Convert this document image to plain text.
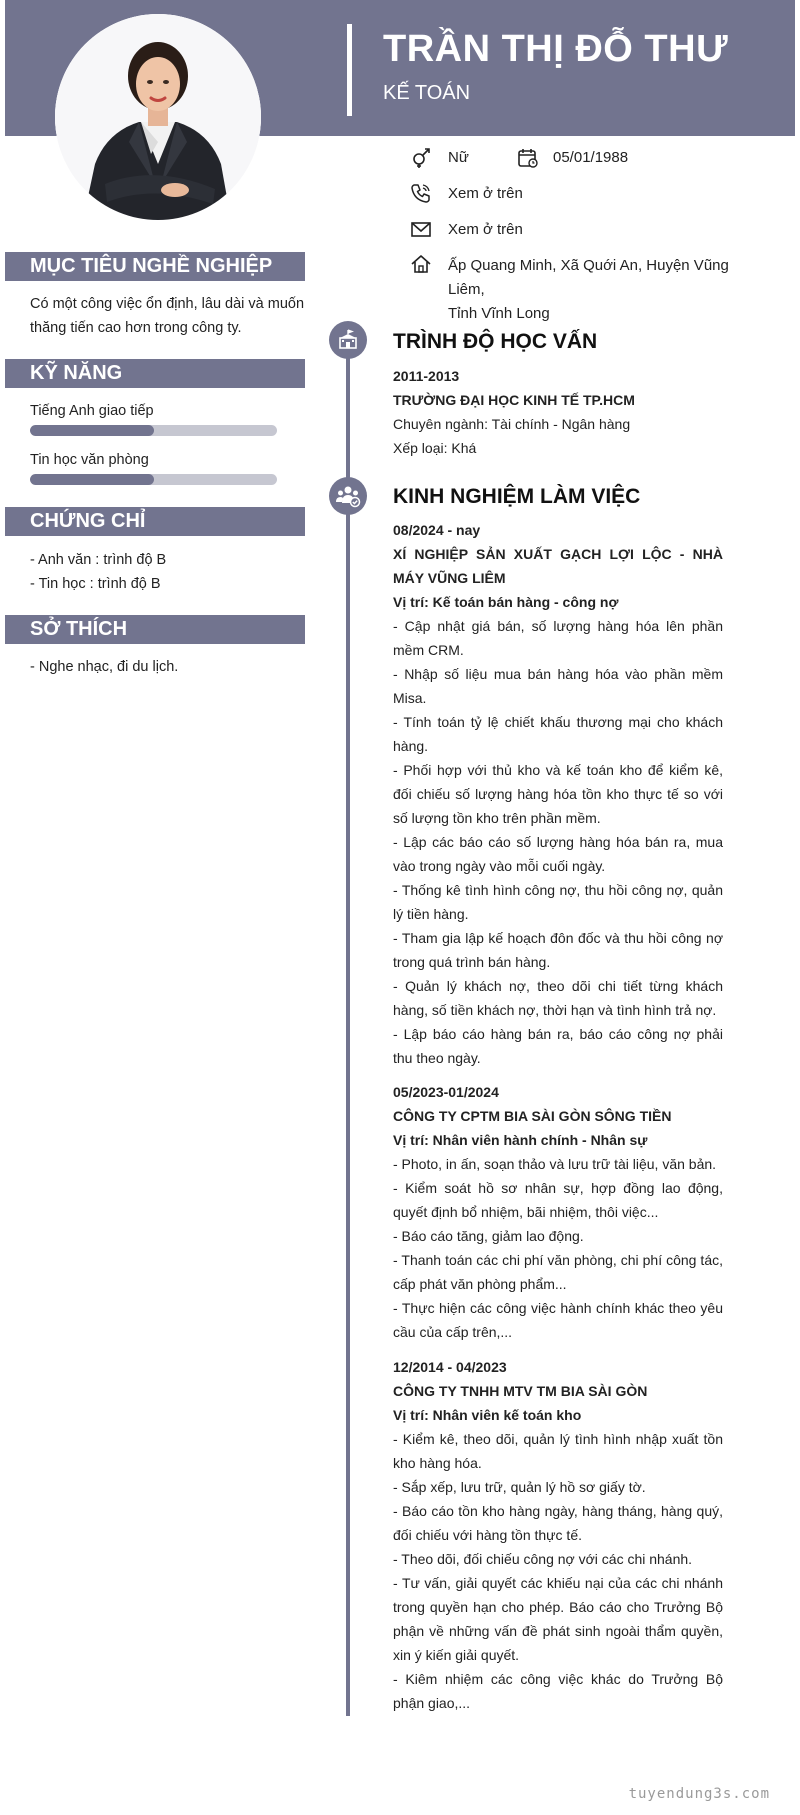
TRẦN THỊ ĐỖ THƯ
KẾ TOÁN
Nữ	05/01/1988
Xem ở trên
Xem ở trên
Ấp Quang Minh, Xã Quới An, Huyện Vũng Liêm,
Tỉnh Vĩnh Long
MỤC TIÊU NGHỀ NGHIỆP
Có một công việc ổn định, lâu dài và muốn thăng tiến cao hơn trong công ty.
KỸ NĂNG
Tiếng Anh giao tiếp
Tin học văn phòng
CHỨNG CHỈ
- Anh văn : trình độ B
- Tin học : trình độ B
SỞ THÍCH
- Nghe nhạc, đi du lịch.
TRÌNH ĐỘ HỌC VẤN
2011-2013
TRƯỜNG ĐẠI HỌC KINH TẾ TP.HCM
Chuyên ngành: Tài chính - Ngân hàng
Xếp loại: Khá
KINH NGHIỆM LÀM VIỆC
08/2024 - nay
XÍ NGHIỆP SẢN XUẤT GẠCH LỢI LỘC - NHÀ MÁY VŨNG LIÊM
Vị trí: Kế toán bán hàng - công nợ
- Cập nhật giá bán, số lượng hàng hóa lên phần mềm CRM.
- Nhập số liệu mua bán hàng hóa vào phần mềm Misa.
- Tính toán tỷ lệ chiết khấu thương mại cho khách hàng.
- Phối hợp với thủ kho và kế toán kho để kiểm kê, đối chiếu số lượng hàng hóa tồn kho thực tế so với số lượng tồn kho trên phần mềm.
- Lập các báo cáo số lượng hàng hóa bán ra, mua vào trong ngày vào mỗi cuối ngày.
- Thống kê tình hình công nợ, thu hồi công nợ, quản lý tiền hàng.
- Tham gia lập kế hoạch đôn đốc và thu hồi công nợ trong quá trình bán hàng.
- Quản lý khách nợ, theo dõi chi tiết từng khách hàng, số tiền khách nợ, thời hạn và tình hình trả nợ.
- Lập báo cáo hàng bán ra, báo cáo công nợ phải thu theo ngày.
05/2023-01/2024
CÔNG TY CPTM BIA SÀI GÒN SÔNG TIỀN
Vị trí: Nhân viên hành chính - Nhân sự
- Photo, in ấn, soạn thảo và lưu trữ tài liệu, văn bản.
- Kiểm soát hồ sơ nhân sự, hợp đồng lao động, quyết định bổ nhiệm, bãi nhiệm, thôi việc...
- Báo cáo tăng, giảm lao động.
- Thanh toán các chi phí văn phòng, chi phí công tác, cấp phát văn phòng phẩm...
- Thực hiện các công việc hành chính khác theo yêu cầu của cấp trên,...
12/2014 - 04/2023
CÔNG TY TNHH MTV TM BIA SÀI GÒN
Vị trí: Nhân viên kế toán kho
- Kiểm kê, theo dõi, quản lý tình hình nhập xuất tồn kho hàng hóa.
- Sắp xếp, lưu trữ, quản lý hồ sơ giấy tờ.
- Báo cáo tồn kho hàng ngày, hàng tháng, hàng quý, đối chiếu với hàng tồn thực tế.
- Theo dõi, đối chiếu công nợ với các chi nhánh.
- Tư vấn, giải quyết các khiếu nại của các chi nhánh trong quyền hạn cho phép. Báo cáo cho Trưởng Bộ phận về những vấn đề phát sinh ngoài thẩm quyền, xin ý kiến giải quyết.
- Kiêm nhiệm các công việc khác do Trưởng Bộ phận giao,...
tuyendung3s.com
